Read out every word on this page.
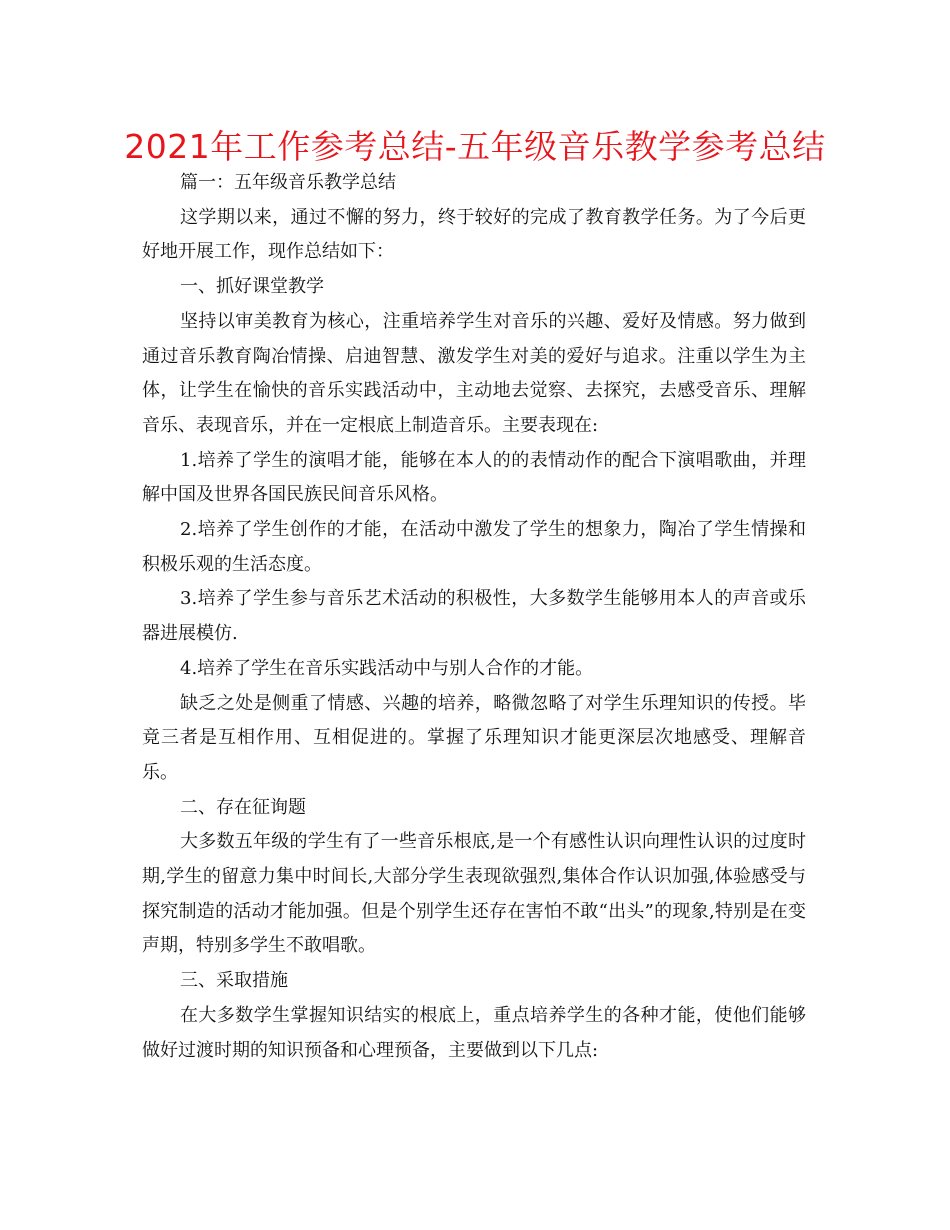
2021年工作参考总结-五年级音乐教学参考总结

篇一：五年级音乐教学总结

这学期以来，通过不懈的努力，终于较好的完成了教育教学任务。为了今后更好地开展工作，现作总结如下：

一、抓好课堂教学

坚持以审美教育为核心，注重培养学生对音乐的兴趣、爱好及情感。努力做到通过音乐教育陶冶情操、启迪智慧、激发学生对美的爱好与追求。注重以学生为主体，让学生在愉快的音乐实践活动中，主动地去觉察、去探究，去感受音乐、理解音乐、表现音乐，并在一定根底上制造音乐。主要表现在:

1.培养了学生的演唱才能，能够在本人的的表情动作的配合下演唱歌曲，并理解中国及世界各国民族民间音乐风格。

2.培养了学生创作的才能，在活动中激发了学生的想象力，陶冶了学生情操和积极乐观的生活态度。

3.培养了学生参与音乐艺术活动的积极性，大多数学生能够用本人的声音或乐器进展模仿.

4.培养了学生在音乐实践活动中与别人合作的才能。

缺乏之处是侧重了情感、兴趣的培养，略微忽略了对学生乐理知识的传授。毕竟三者是互相作用、互相促进的。掌握了乐理知识才能更深层次地感受、理解音乐。

二、存在征询题

大多数五年级的学生有了一些音乐根底,是一个有感性认识向理性认识的过度时期,学生的留意力集中时间长,大部分学生表现欲强烈,集体合作认识加强,体验感受与探究制造的活动才能加强。但是个别学生还存在害怕不敢“出头”的现象,特别是在变声期，特别多学生不敢唱歌。

三、采取措施

在大多数学生掌握知识结实的根底上，重点培养学生的各种才能，使他们能够做好过渡时期的知识预备和心理预备，主要做到以下几点:
